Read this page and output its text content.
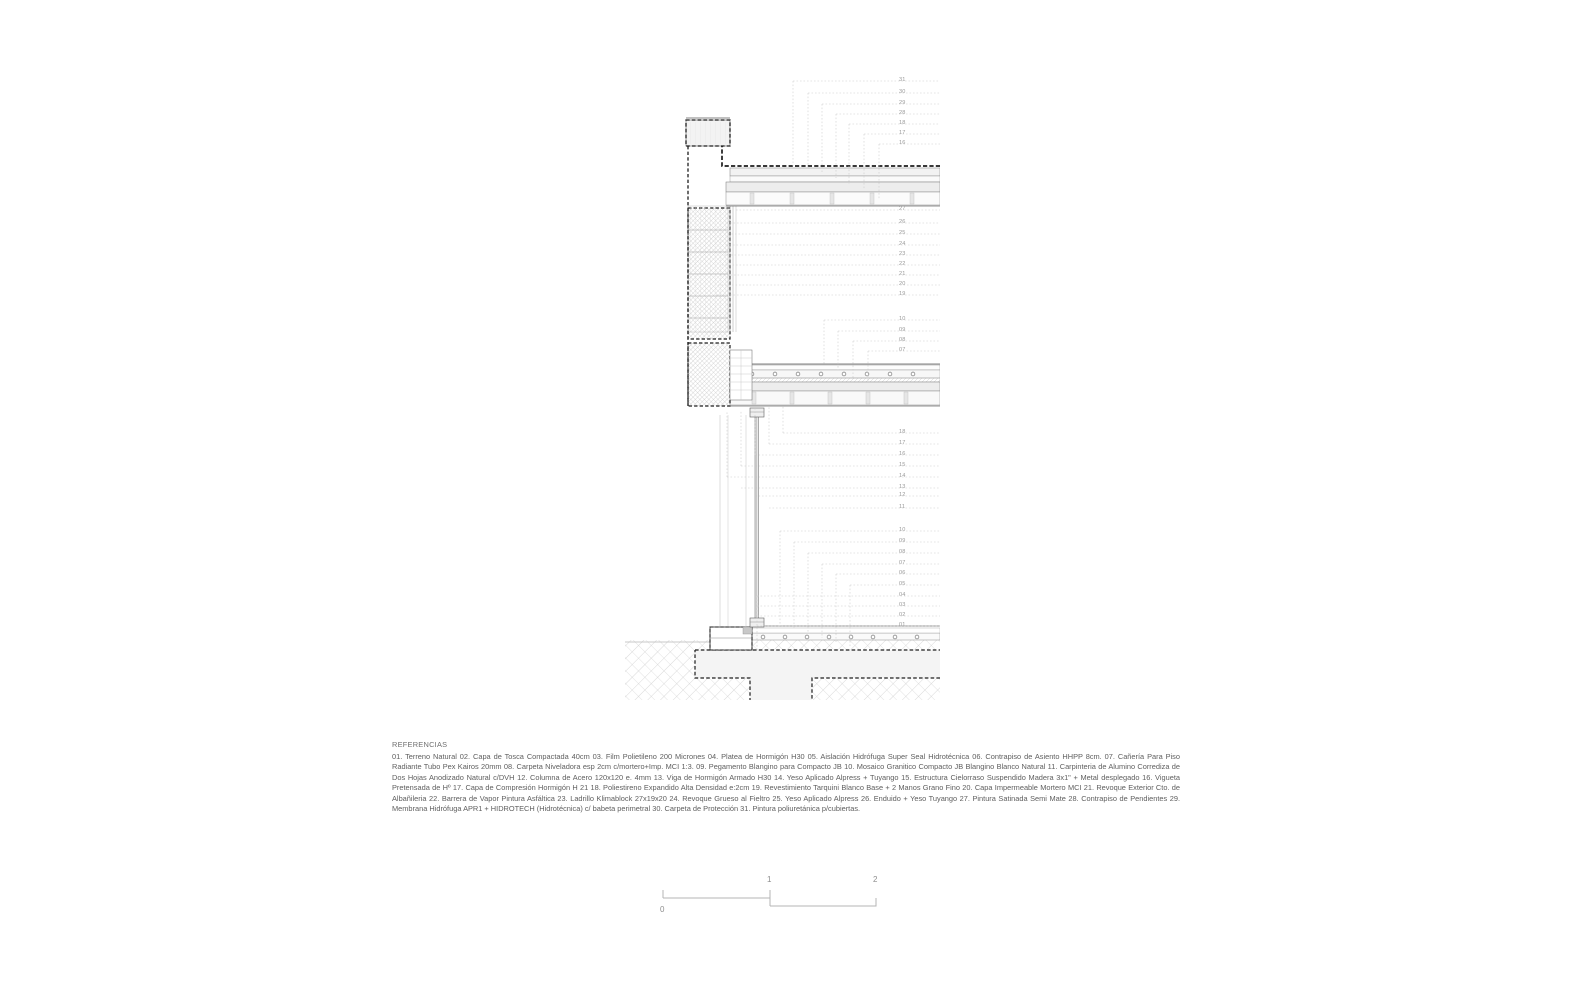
31
30
29
28
18
17
16
27
26
25
24
23
22
21
20
19
10
09
08
07
18
17
16
15
14
13
12
11
10
09
08
07
06
05
04
03
02
01
REFERENCIAS
01. Terreno Natural 02. Capa de Tosca Compactada 40cm 03. Film Polietileno 200 Micrones 04. Platea de Hormigón H30 05. Aislación Hidrófuga Super Seal Hidrotécnica 06. Contrapiso de Asiento HHPP 8cm. 07. Cañería Para Piso Radiante Tubo Pex Kairos 20mm 08. Carpeta Niveladora esp 2cm c/mortero+Imp. MCI 1:3. 09. Pegamento Blangino para Compacto JB 10. Mosaico Granitico Compacto JB Blangino Blanco Natural 11. Carpinteria de Alumino Corrediza de Dos Hojas Anodizado Natural c/DVH 12. Columna de Acero 120x120 e. 4mm 13. Viga de Hormigón Armado H30 14. Yeso Aplicado Alpress + Tuyango 15. Estructura Cielorraso Suspendido Madera 3x1" + Metal desplegado 16. Vigueta Pretensada de Hº 17. Capa de Compresión Hormigón H 21 18. Poliestireno Expandido Alta Densidad e:2cm 19. Revestimiento Tarquini Blanco Base + 2 Manos Grano Fino 20. Capa Impermeable Mortero MCI 21. Revoque Exterior Cto. de Albañileria 22. Barrera de Vapor Pintura Asfáltica 23. Ladrillo Klimablock 27x19x20 24. Revoque Grueso al Fieltro 25. Yeso Aplicado Alpress 26. Enduido + Yeso Tuyango 27. Pintura Satinada Semi Mate 28. Contrapiso de Pendientes 29. Membrana Hidrófuga APR1 + HIDROTECH (Hidrotécnica) c/ babeta perimetral 30. Carpeta de Protección 31. Pintura poliuretánica p/cubiertas.
0
1	2
